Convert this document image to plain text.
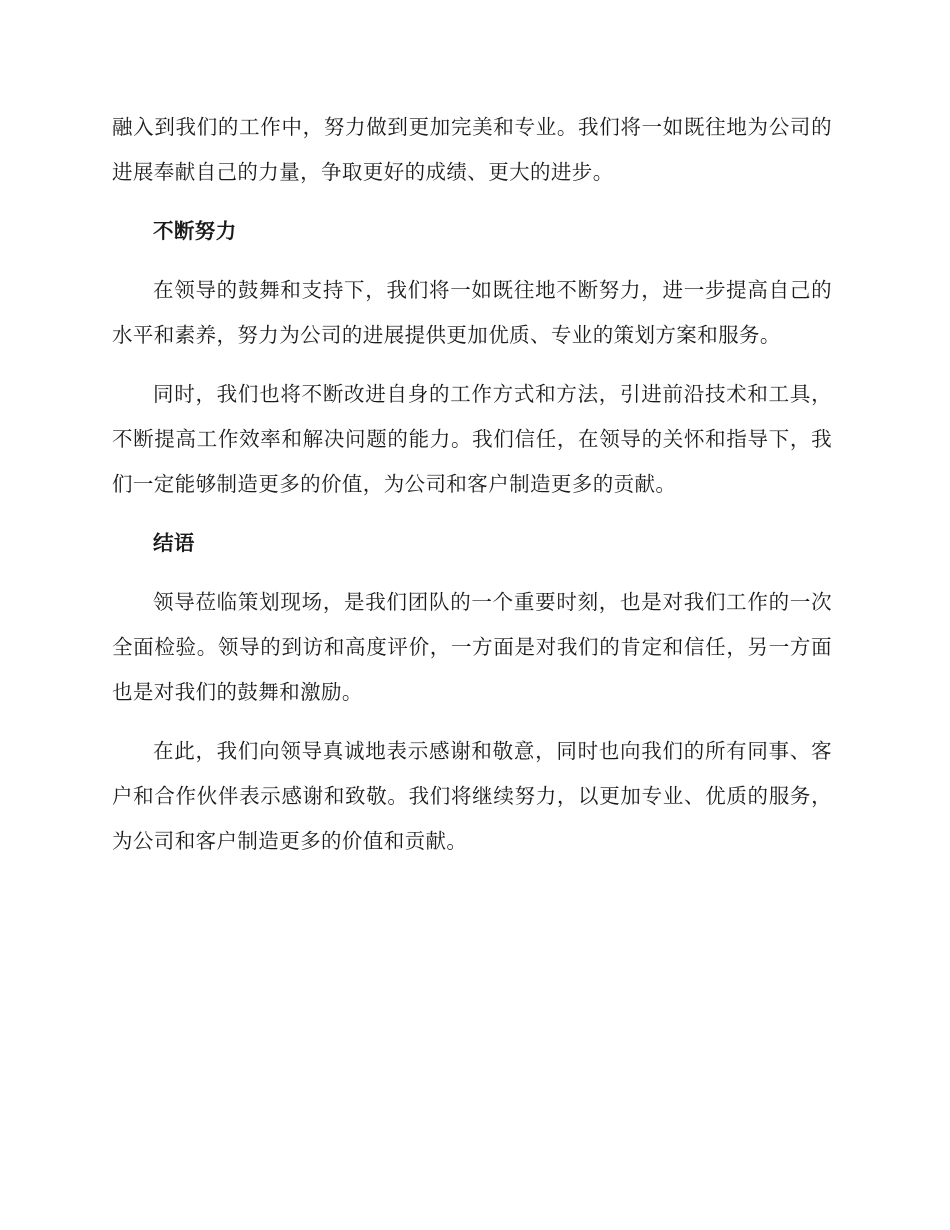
融入到我们的工作中，努力做到更加完美和专业。我们将一如既往地为公司的进展奉献自己的力量，争取更好的成绩、更大的进步。

不断努力

在领导的鼓舞和支持下，我们将一如既往地不断努力，进一步提高自己的水平和素养，努力为公司的进展提供更加优质、专业的策划方案和服务。

同时，我们也将不断改进自身的工作方式和方法，引进前沿技术和工具，不断提高工作效率和解决问题的能力。我们信任，在领导的关怀和指导下，我们一定能够制造更多的价值，为公司和客户制造更多的贡献。

结语

领导莅临策划现场，是我们团队的一个重要时刻，也是对我们工作的一次全面检验。领导的到访和高度评价，一方面是对我们的肯定和信任，另一方面也是对我们的鼓舞和激励。

在此，我们向领导真诚地表示感谢和敬意，同时也向我们的所有同事、客户和合作伙伴表示感谢和致敬。我们将继续努力，以更加专业、优质的服务，为公司和客户制造更多的价值和贡献。
